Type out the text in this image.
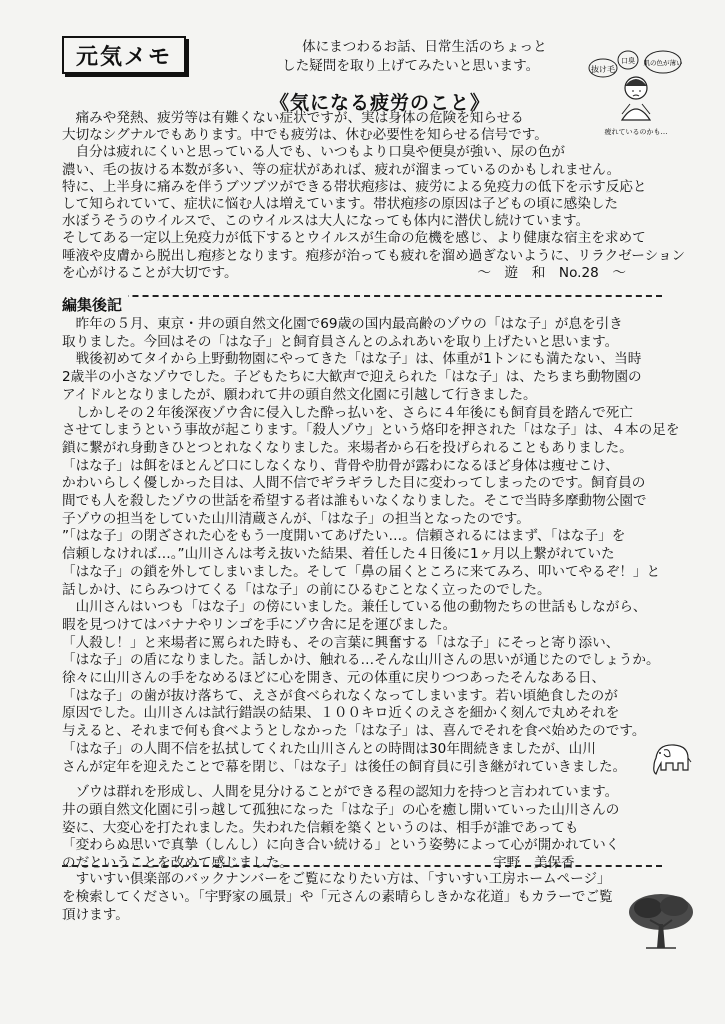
元気メモ	体にまつわるお話、日常生活のちょっと
した疑問を取り上げてみたいと思います。	抜け毛
口臭 肌の色が薄い
疲れているのかも…
《気になる疲労のこと》
　痛みや発熱、疲労等は有難くない症状ですが、実は身体の危険を知らせる
大切なシグナルでもあります。中でも疲労は、休む必要性を知らせる信号です。
　自分は疲れにくいと思っている人でも、いつもより口臭や便臭が強い、尿の色が
濃い、毛の抜ける本数が多い、等の症状があれば、疲れが溜まっているのかもしれません。
特に、上半身に痛みを伴うブツブツができる帯状疱疹は、疲労による免疫力の低下を示す反応と
して知られていて、症状に悩む人は増えています。帯状疱疹の原因は子どもの頃に感染した
水ぼうそうのウイルスで、このウイルスは大人になっても体内に潜伏し続けています。
そしてある一定以上免疫力が低下するとウイルスが生命の危機を感じ、より健康な宿主を求めて
唾液や皮膚から脱出し疱疹となります。疱疹が治っても疲れを溜め過ぎないように、リラクゼーション
を心がけることが大切です。	〜　遊　和　No.28　〜
編集後記
　昨年の５月、東京・井の頭自然文化園で69歳の国内最高齢のゾウの「はな子」が息を引き
取りました。今回はその「はな子」と飼育員さんとのふれあいを取り上げたいと思います。
　戦後初めてタイから上野動物園にやってきた「はな子」は、体重が1トンにも満たない、当時
2歳半の小さなゾウでした。子どもたちに大歓声で迎えられた「はな子」は、たちまち動物園の
アイドルとなりましたが、願われて井の頭自然文化園に引越して行きました。
　しかしその２年後深夜ゾウ舎に侵入した酔っ払いを、さらに４年後にも飼育員を踏んで死亡
させてしまうという事故が起こります。「殺人ゾウ」という烙印を押された「はな子」は、４本の足を
鎖に繋がれ身動きひとつとれなくなりました。来場者から石を投げられることもありました。
「はな子」は餌をほとんど口にしなくなり、背骨や肋骨が露わになるほど身体は痩せこけ、
かわいらしく優しかった目は、人間不信でギラギラした目に変わってしまったのです。飼育員の
間でも人を殺したゾウの世話を希望する者は誰もいなくなりました。そこで当時多摩動物公園で
子ゾウの担当をしていた山川清蔵さんが、「はな子」の担当となったのです。
”「はな子」の閉ざされた心をもう一度開いてあげたい…。信頼されるにはまず、「はな子」を
信頼しなければ…。”山川さんは考え抜いた結果、着任した４日後に1ヶ月以上繋がれていた
「はな子」の鎖を外してしまいました。そして「鼻の届くところに来てみろ、叩いてやるぞ！」と
話しかけ、にらみつけてくる「はな子」の前にひるむことなく立ったのでした。
　山川さんはいつも「はな子」の傍にいました。兼任している他の動物たちの世話もしながら、
暇を見つけてはバナナやリンゴを手にゾウ舎に足を運びました。
「人殺し！」と来場者に罵られた時も、その言葉に興奮する「はな子」にそっと寄り添い、
「はな子」の盾になりました。話しかけ、触れる…そんな山川さんの思いが通じたのでしょうか。
徐々に山川さんの手をなめるほどに心を開き、元の体重に戻りつつあったそんなある日、
「はな子」の歯が抜け落ちて、えさが食べられなくなってしまいます。若い頃絶食したのが
原因でした。山川さんは試行錯誤の結果、１００キロ近くのえさを細かく刻んで丸めそれを
与えると、それまで何も食べようとしなかった「はな子」は、喜んでそれを食べ始めたのです。
「はな子」の人間不信を払拭してくれた山川さんとの時間は30年間続きましたが、山川
さんが定年を迎えたことで幕を閉じ、「はな子」は後任の飼育員に引き継がれていきました。
　ゾウは群れを形成し、人間を見分けることができる程の認知力を持つと言われています。
井の頭自然文化園に引っ越して孤独になった「はな子」の心を癒し開いていった山川さんの
姿に、大変心を打たれました。失われた信頼を築くというのは、相手が誰であっても
「変わらぬ思いで真摯（しんし）に向き合い続ける」という姿勢によって心が開かれていく
のだということを改めて感じました。	宇野　美保香
　すいすい倶楽部のバックナンバーをご覧になりたい方は、「すいすい工房ホームページ」
を検索してください。「宇野家の風景」や「元さんの素晴らしきかな花道」もカラーでご覧
頂けます。
